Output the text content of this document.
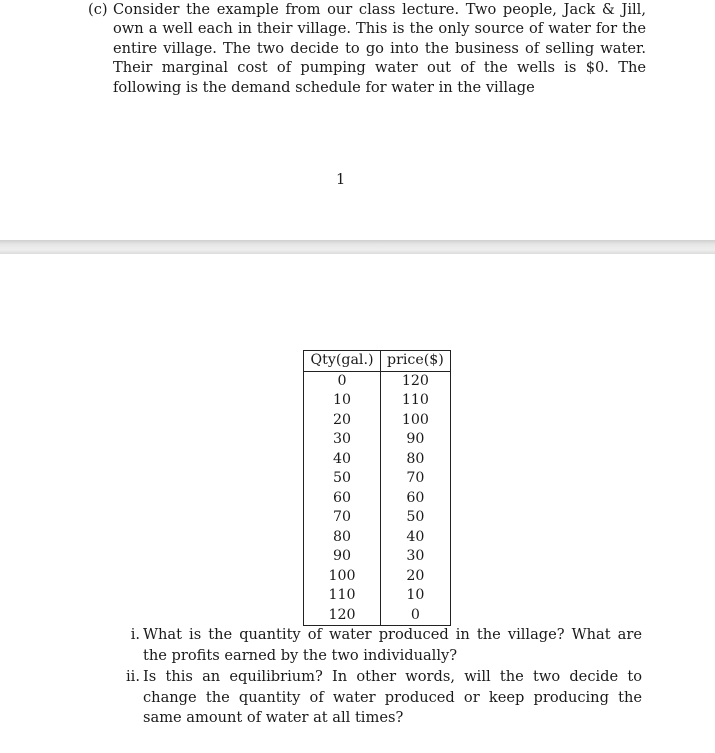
(c) Consider the example from our class lecture. Two people, Jack & Jill, own a well each in their village. This is the only source of water for the entire village. The two decide to go into the business of selling water. Their marginal cost of pumping water out of the wells is $0. The following is the demand schedule for water in the village
1
Qty(gal.)	price($)
0	120
10	110
20	100
30	90
40	80
50	70
60	60
70	50
80	40
90	30
100	20
110	10
120	0
i. What is the quantity of water produced in the village? What are the profits earned by the two individually?
ii. Is this an equilibrium? In other words, will the two decide to change the quantity of water produced or keep producing the same amount of water at all times?
